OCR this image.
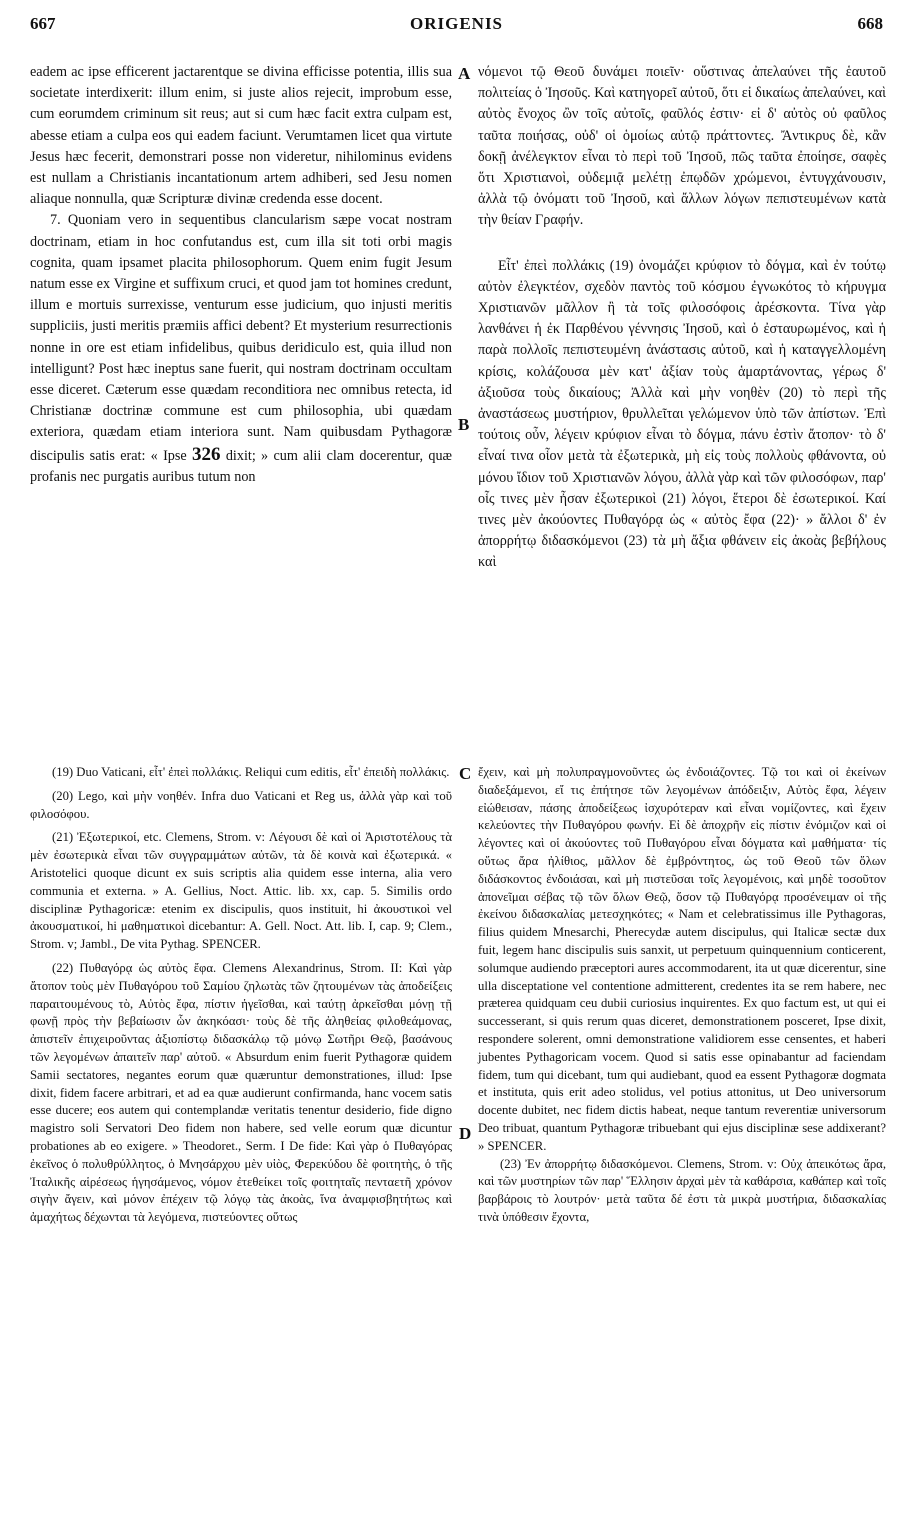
667	ORIGENIS	668
A
B
C
D

eadem ac ipse efficerent jactarentque se divina efficisse potentia, illis sua societate interdixerit: illum enim, si juste alios rejecit, improbum esse, cum eorumdem criminum sit reus; aut si cum hæc facit extra culpam est, abesse etiam a culpa eos qui eadem faciunt. Verumtamen licet qua virtute Jesus hæc fecerit, demonstrari posse non videretur, nihilominus evidens est nullam a Christianis incantationum artem adhiberi, sed Jesu nomen aliaque nonnulla, quæ Scripturæ divinæ credenda esse docent.

7. Quoniam vero in sequentibus clancularism sæpe vocat nostram doctrinam, etiam in hoc confutandus est, cum illa sit toti orbi magis cognita, quam ipsamet placita philosophorum. Quem enim fugit Jesum natum esse ex Virgine et suffixum cruci, et quod jam tot homines credunt, illum e mortuis surrexisse, venturum esse judicium, quo injusti meritis suppliciis, justi meritis præmiis affici debent? Et mysterium resurrectionis nonne in ore est etiam infidelibus, quibus deridiculo est, quia illud non intelligunt? Post hæc ineptus sane fuerit, qui nostram doctrinam occultam esse diceret. Cæterum esse quædam reconditiora nec omnibus retecta, id Christianæ doctrinæ commune est cum philosophia, ubi quædam exteriora, quædam etiam interiora sunt. Nam quibusdam Pythagoræ discipulis satis erat: « Ipse 326 dixit; » cum alii clam docerentur, quæ profanis nec purgatis auribus tutum non

νόμενοι τῷ Θεοῦ δυνάμει ποιεῖν· οὕστινας ἀπελαύνει τῆς ἑαυτοῦ πολιτείας ὁ Ἰησοῦς. Καὶ κατηγορεῖ αὐτοῦ, ὅτι εἰ δικαίως ἀπελαύνει, καὶ αὐτὸς ἔνοχος ὢν τοῖς αὐτοῖς, φαῦλός ἐστιν· εἰ δ' αὐτὸς οὐ φαῦλος ταῦτα ποιήσας, οὐδ' οἱ ὁμοίως αὐτῷ πράττοντες. Ἄντικρυς δὲ, κἂν δοκῇ ἀνέλεγκτον εἶναι τὸ περὶ τοῦ Ἰησοῦ, πῶς ταῦτα ἐποίησε, σαφὲς ὅτι Χριστιανοὶ, οὐδεμιᾷ μελέτῃ ἐπῳδῶν χρώμενοι, ἐντυγχάνουσιν, ἀλλὰ τῷ ὀνόματι τοῦ Ἰησοῦ, καὶ ἄλλων λόγων πεπιστευμένων κατὰ τὴν θείαν Γραφήν.

Εἶτ' ἐπεὶ πολλάκις (19) ὀνομάζει κρύφιον τὸ δόγμα, καὶ ἐν τούτῳ αὐτὸν ἐλεγκτέον, σχεδὸν παντὸς τοῦ κόσμου ἐγνωκότος τὸ κήρυγμα Χριστιανῶν μᾶλλον ἢ τὰ τοῖς φιλοσόφοις ἀρέσκοντα. Τίνα γὰρ λανθάνει ἡ ἐκ Παρθένου γέννησις Ἰησοῦ, καὶ ὁ ἐσταυρωμένος, καὶ ἡ παρὰ πολλοῖς πεπιστευμένη ἀνάστασις αὐτοῦ, καὶ ἡ καταγγελλομένη κρίσις, κολάζουσα μὲν κατ' ἀξίαν τοὺς ἁμαρτάνοντας, γέρως δ' ἀξιοῦσα τοὺς δικαίους; Ἀλλὰ καὶ μὴν νοηθὲν (20) τὸ περὶ τῆς ἀναστάσεως μυστήριον, θρυλλεῖται γελώμενον ὑπὸ τῶν ἀπίστων. Ἐπὶ τούτοις οὖν, λέγειν κρύφιον εἶναι τὸ δόγμα, πάνυ ἐστὶν ἄτοπον· τὸ δ' εἶναί τινα οἷον μετὰ τὰ ἐξωτερικὰ, μὴ εἰς τοὺς πολλοὺς φθάνοντα, οὐ μόνου ἴδιον τοῦ Χριστιανῶν λόγου, ἀλλὰ γὰρ καὶ τῶν φιλοσόφων, παρ' οἷς τινες μὲν ἦσαν ἐξωτερικοὶ (21) λόγοι, ἕτεροι δὲ ἐσωτερικοί. Καί τινες μὲν ἀκούοντες Πυθαγόρᾳ ὡς « αὐτὸς ἔφα (22)· » ἄλλοι δ' ἐν ἀπορρήτῳ διδασκόμενοι (23) τὰ μὴ ἄξια φθάνειν εἰς ἀκοὰς βεβήλους καὶ

(19) Duo Vaticani, εἶτ' ἐπεὶ πολλάκις. Reliqui cum editis, εἶτ' ἐπειδὴ πολλάκις.

(20) Lego, καὶ μὴν νοηθέν. Infra duo Vaticani et Reg us, ἀλλὰ γὰρ καὶ τοῦ φιλοσόφου.

(21) Ἐξωτερικοί, etc. Clemens, Strom. v: Λέγουσι δὲ καὶ οἱ Ἀριστοτέλους τὰ μὲν ἐσωτερικὰ εἶναι τῶν συγγραμμάτων αὐτῶν, τὰ δὲ κοινὰ καὶ ἐξωτερικά. « Aristotelici quoque dicunt ex suis scriptis alia quidem esse interna, alia vero communia et externa. » A. Gellius, Noct. Attic. lib. xx, cap. 5. Similis ordo disciplinæ Pythagoricæ: etenim ex discipulis, quos instituit, hi ἀκουστικοὶ vel ἀκουσματικοί, hi μαθηματικοὶ dicebantur: A. Gell. Noct. Att. lib. I, cap. 9; Clem., Strom. v; Jambl., De vita Pythag. SPENCER.

(22) Πυθαγόρᾳ ὡς αὐτὸς ἔφα. Clemens Alexandrinus, Strom. II: Καὶ γὰρ ἄτοπον τοὺς μὲν Πυθαγόρου τοῦ Σαμίου ζηλωτὰς τῶν ζητουμένων τὰς ἀποδείξεις παραιτουμένους τὸ, Αὐτὸς ἔφα, πίστιν ἡγεῖσθαι, καὶ ταύτῃ ἀρκεῖσθαι μόνῃ τῇ φωνῇ πρὸς τὴν βεβαίωσιν ὧν ἀκηκόασι· τοὺς δὲ τῆς ἀληθείας φιλοθεάμονας, ἀπιστεῖν ἐπιχειροῦντας ἀξιοπίστῳ διδασκάλῳ τῷ μόνῳ Σωτῆρι Θεῷ, βασάνους τῶν λεγομένων ἀπαιτεῖν παρ' αὐτοῦ. « Absurdum enim fuerit Pythagoræ quidem Samii sectatores, negantes eorum quæ quæruntur demonstrationes, illud: Ipse dixit, fidem facere arbitrari, et ad ea quæ audierunt confirmanda, hanc vocem satis esse ducere; eos autem qui contemplandæ veritatis tenentur desiderio, fide digno magistro soli Servatori Deo fidem non habere, sed velle eorum quæ dicuntur probationes ab eo exigere. » Theodoret., Serm. I De fide: Καὶ γὰρ ὁ Πυθαγόρας ἐκεῖνος ὁ πολυθρύλλητος, ὁ Μνησάρχου μὲν υἱὸς, Φερεκύδου δὲ φοιτητὴς, ὁ τῆς Ἰταλικῆς αἱρέσεως ἡγησάμενος, νόμον ἐτεθείκει τοῖς φοιτηταῖς πενταετῆ χρόνον σιγὴν ἄγειν, καὶ μόνον ἐπέχειν τῷ λόγῳ τὰς ἀκοὰς, ἵνα ἀναμφισβητήτως καὶ ἀμαχήτως δέχωνται τὰ λεγόμενα, πιστεύοντες οὕτως

ἔχειν, καὶ μὴ πολυπραγμονοῦντες ὡς ἐνδοιάζοντες. Τῷ τοι καὶ οἱ ἐκείνων διαδεξάμενοι, εἴ τις ἐπήτησε τῶν λεγομένων ἀπόδειξιν, Αὐτὸς ἔφα, λέγειν εἰώθεισαν, πάσης ἀποδείξεως ἰσχυρότεραν καὶ εἶναι νομίζοντες, καὶ ἔχειν κελεύοντες τὴν Πυθαγόρου φωνήν. Εἰ δὲ ἀποχρῆν εἰς πίστιν ἐνόμιζον καὶ οἱ λέγοντες καὶ οἱ ἀκούοντες τοῦ Πυθαγόρου εἶναι δόγματα καὶ μαθήματα· τίς οὕτως ἄρα ἠλίθιος, μᾶλλον δὲ ἐμβρόντητος, ὡς τοῦ Θεοῦ τῶν ὅλων διδάσκοντος ἐνδοιάσαι, καὶ μὴ πιστεῦσαι τοῖς λεγομένοις, καὶ μηδὲ τοσοῦτον ἀπονεῖμαι σέβας τῷ τῶν ὅλων Θεῷ, ὅσον τῷ Πυθαγόρᾳ προσένειμαν οἱ τῆς ἐκείνου διδασκαλίας μετεσχηκότες; « Nam et celebratissimus ille Pythagoras, filius quidem Mnesarchi, Pherecydæ autem discipulus, qui Italicæ sectæ dux fuit, legem hanc discipulis suis sanxit, ut perpetuum quinquennium conticerent, solumque audiendo præceptori aures accommodarent, ita ut quæ dicerentur, sine ulla disceptatione vel contentione admitterent, credentes ita se rem habere, nec præterea quidquam ceu dubii curiosius inquirentes. Ex quo factum est, ut qui ei successerant, si quis rerum quas diceret, demonstrationem posceret, Ipse dixit, respondere solerent, omni demonstratione validiorem esse censentes, et haberi jubentes Pythagoricam vocem. Quod si satis esse opinabantur ad faciendam fidem, tum qui dicebant, tum qui audiebant, quod ea essent Pythagoræ dogmata et instituta, quis erit adeo stolidus, vel potius attonitus, ut Deo universorum docente dubitet, nec fidem dictis habeat, neque tantum reverentiæ universorum Deo tribuat, quantum Pythagoræ tribuebant qui ejus disciplinæ sese addixerant? » SPENCER.

(23) Ἐν ἀπορρήτῳ διδασκόμενοι. Clemens, Strom. v: Οὐχ ἀπεικότως ἄρα, καὶ τῶν μυστηρίων τῶν παρ' Ἕλλησιν ἀρχαὶ μὲν τὰ καθάρσια, καθάπερ καὶ τοῖς βαρβάροις τὸ λουτρόν· μετὰ ταῦτα δέ ἐστι τὰ μικρὰ μυστήρια, διδασκαλίας τινὰ ὑπόθεσιν ἔχοντα,
